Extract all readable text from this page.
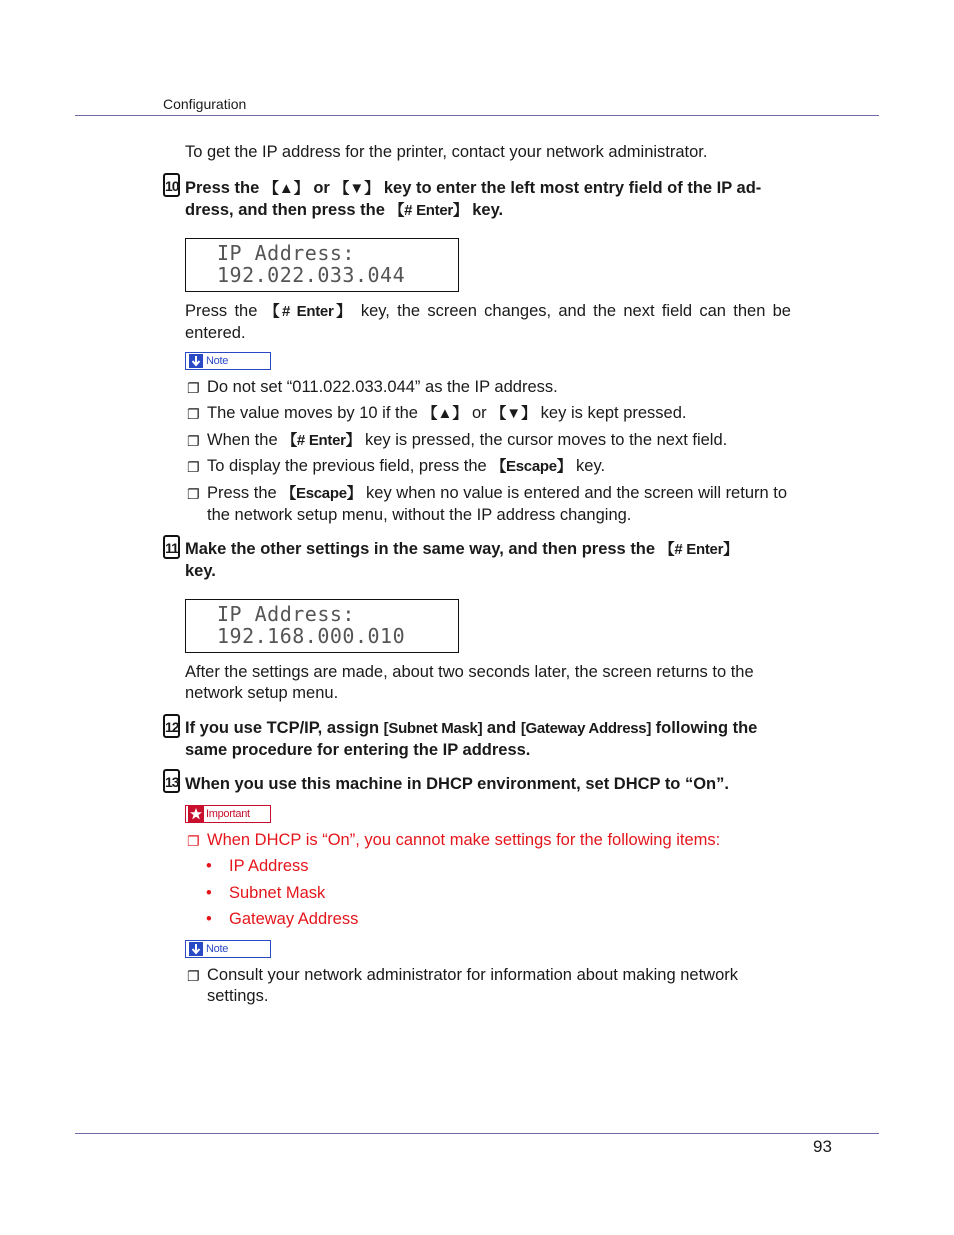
Configuration
To get the IP address for the printer, contact your network administrator.
10 Press the 【▲】 or 【▼】 key to enter the left most entry field of the IP ad-
dress, and then press the 【# Enter】 key.
IP Address:
192.022.033.044
Press the 【# Enter】 key, the screen changes, and the next field can then be entered.
Note
❐ Do not set “011.022.033.044” as the IP address.
❐ The value moves by 10 if the 【▲】 or 【▼】 key is kept pressed.
❐ When the 【# Enter】 key is pressed, the cursor moves to the next field.
❐ To display the previous field, press the 【Escape】 key.
❐ Press the 【Escape】 key when no value is entered and the screen will return to the network setup menu, without the IP address changing.
11 Make the other settings in the same way, and then press the 【# Enter】
key.
IP Address:
192.168.000.010
After the settings are made, about two seconds later, the screen returns to the network setup menu.
12 If you use TCP/IP, assign [Subnet Mask] and [Gateway Address] following the same procedure for entering the IP address.
13 When you use this machine in DHCP environment, set DHCP to “On”.
Important
❐ When DHCP is “On”, you cannot make settings for the following items:
• IP Address
• Subnet Mask
• Gateway Address
Note
❐ Consult your network administrator for information about making network settings.
93
